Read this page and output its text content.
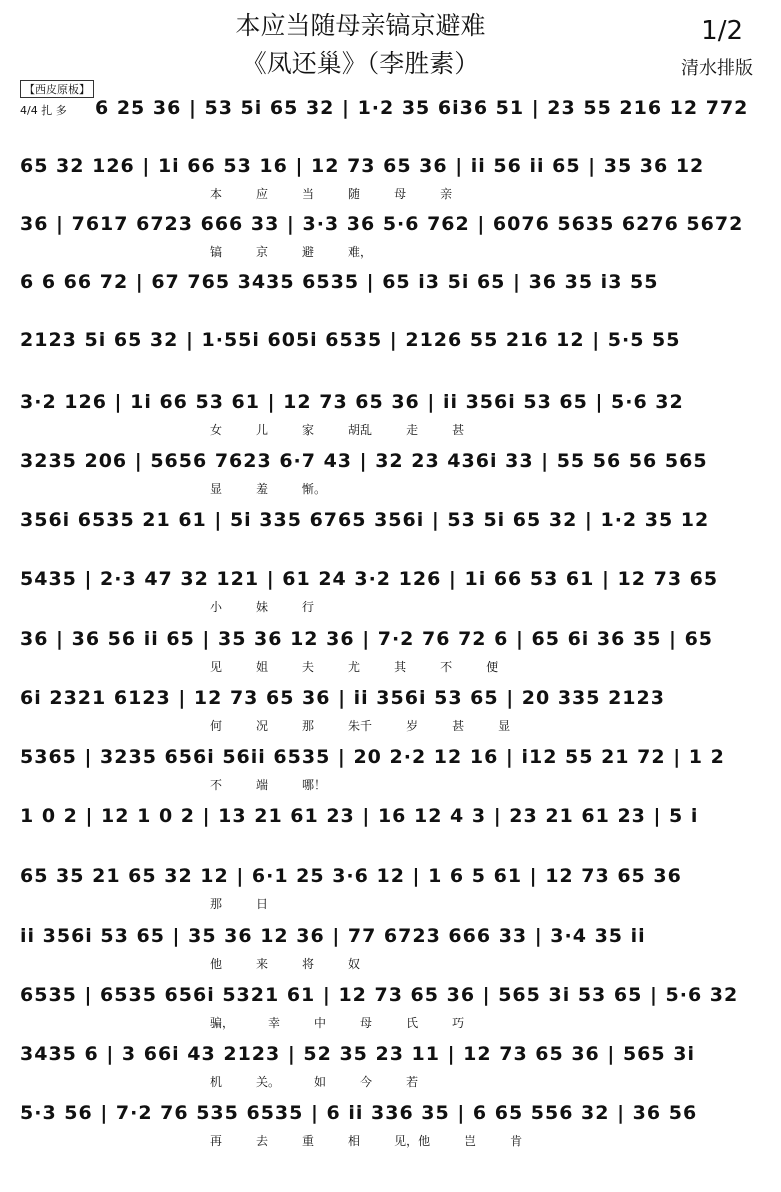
本应当随母亲镐京避难
《凤还巢》（李胜素）
1/2
清水排版
【西皮原板】
4/4 扎 多 6 25 36 | 53 5i 65 32 | 1·2 35 6i36 51 | 23 55 216 12 772
65 32 126 | 1i 66 53 16 | 12 73 65 36 | ii 56 ii 65 | 35 36 12
本	应	当	随	母	亲
36 | 7617 6723 666 33 | 3·3 36 5·6 762 | 6076 5635 6276 5672
镐	京	避	难，
6 6 66 72 | 67 765 3435 6535 | 65 i3 5i 65 | 36 35 i3 55
2123 5i 65 32 | 1·55i 605i 6535 | 2126 55 216 12 | 5·5 55
3·2 126 | 1i 66 53 61 | 12 73 65 36 | ii 356i 53 65 | 5·6 32
女	儿	家	胡乱	走	甚
3235 206 | 5656 7623 6·7 43 | 32 23 436i 33 | 55 56 56 565
显	羞	惭。
356i 6535 21 61 | 5i 335 6765 356i | 53 5i 65 32 | 1·2 35 12
5435 | 2·3 47 32 121 | 61 24 3·2 126 | 1i 66 53 61 | 12 73 65
小	妹	行
36 | 36 56 ii 65 | 35 36 12 36 | 7·2 76 72 6 | 65 6i 36 35 | 65
见	姐	夫	尤	其	不	便
6i 2321 6123 | 12 73 65 36 | ii 356i 53 65 | 20 335 2123
何	况	那	朱千	岁	甚	显
5365 | 3235 656i 56ii 6535 | 20 2·2 12 16 | i12 55 21 72 | 1 2
不	端	哪！
1 0 2 | 12 1 0 2 | 13 21 61 23 | 16 12 4 3 | 23 21 61 23 | 5 i
65 35 21 65 32 12 | 6·1 25 3·6 12 | 1 6 5 61 | 12 73 65 36
那	日
ii 356i 53 65 | 35 36 12 36 | 77 6723 666 33 | 3·4 35 ii
他	来	将	奴
6535 | 6535 656i 5321 61 | 12 73 65 36 | 565 3i 53 65 | 5·6 32
骗，	幸	中	母	氏	巧
3435 6 | 3 66i 43 2123 | 52 35 23 11 | 12 73 65 36 | 565 3i
机	关。	如	今	若
5·3 56 | 7·2 76 535 6535 | 6 ii 336 35 | 6 65 556 32 | 36 56
再	去	重	相	见，他	岂	肯
